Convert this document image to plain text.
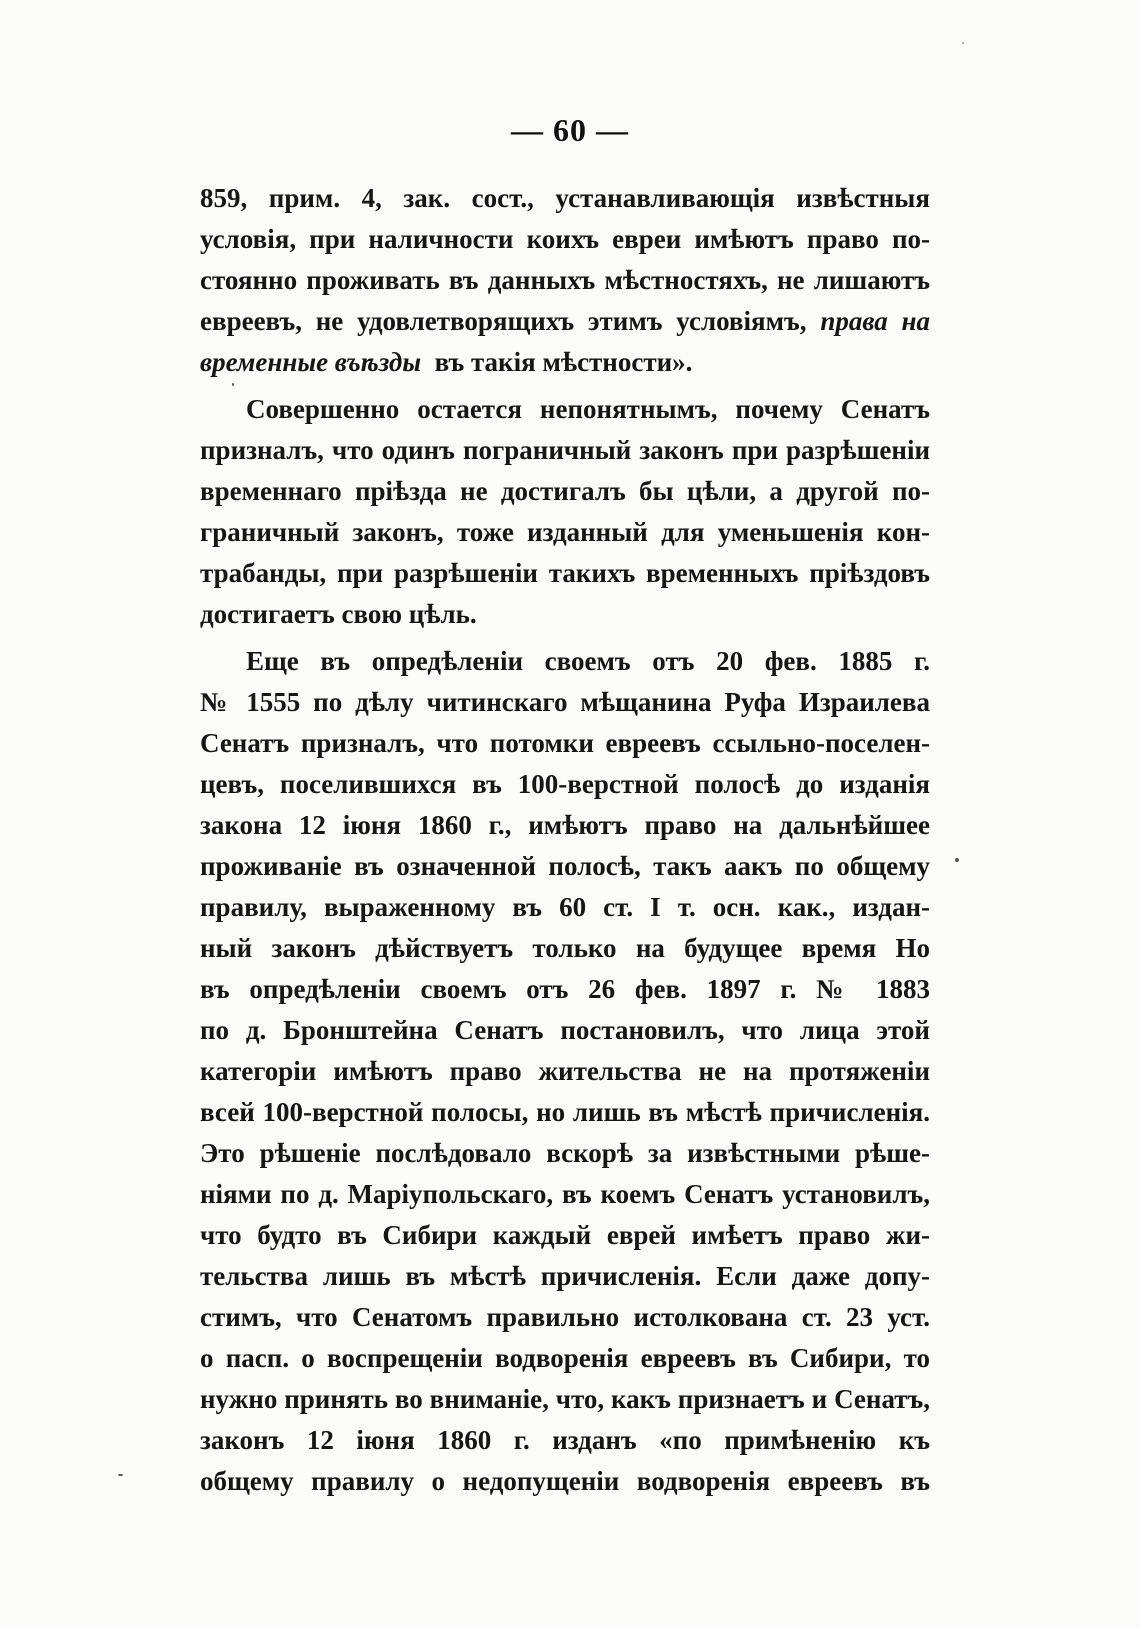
— 60 —
859, прим. 4, зак. сост., устанавливающія извѣстныя
условія, при наличности коихъ евреи имѣютъ право по-
стоянно проживать въ данныхъ мѣстностяхъ, не лишаютъ
евреевъ, не удовлетворящихъ этимъ условіямъ, права на
временные въѣзды въ такія мѣстности».
Совершенно остается непонятнымъ, почему Сенатъ
призналъ, что одинъ пограничный законъ при разрѣшеніи
временнаго пріѣзда не достигалъ бы цѣли, а другой по-
граничный законъ, тоже изданный для уменьшенія кон-
трабанды, при разрѣшеніи такихъ временныхъ пріѣздовъ
достигаетъ свою цѣль.
Еще въ опредѣленіи своемъ отъ 20 фев. 1885 г.
№ 1555 по дѣлу читинскаго мѣщанина Руфа Израилева
Сенатъ призналъ, что потомки евреевъ ссыльно-поселен-
цевъ, поселившихся въ 100-верстной полосѣ до изданія
закона 12 іюня 1860 г., имѣютъ право на дальнѣйшее
проживаніе въ означенной полосѣ, такъ аакъ по общему
правилу, выраженному въ 60 ст. I т. осн. как., издан-
ный законъ дѣйствуетъ только на будущее время Но
въ опредѣленіи своемъ отъ 26 фев. 1897 г. № 1883
по д. Бронштейна Сенатъ постановилъ, что лица этой
категоріи имѣютъ право жительства не на протяженіи
всей 100-верстной полосы, но лишь въ мѣстѣ причисленія.
Это рѣшеніе послѣдовало вскорѣ за извѣстными рѣше-
ніями по д. Маріупольскаго, въ коемъ Сенатъ установилъ,
что будто въ Сибири каждый еврей имѣетъ право жи-
тельства лишь въ мѣстѣ причисленія. Если даже допу-
стимъ, что Сенатомъ правильно истолкована ст. 23 уст.
о пасп. о воспрещеніи водворенія евреевъ въ Сибири, то
нужно принять во вниманіе, что, какъ признаетъ и Сенатъ,
законъ 12 іюня 1860 г. изданъ «по примѣненію къ
общему правилу о недопущеніи водворенія евреевъ въ
